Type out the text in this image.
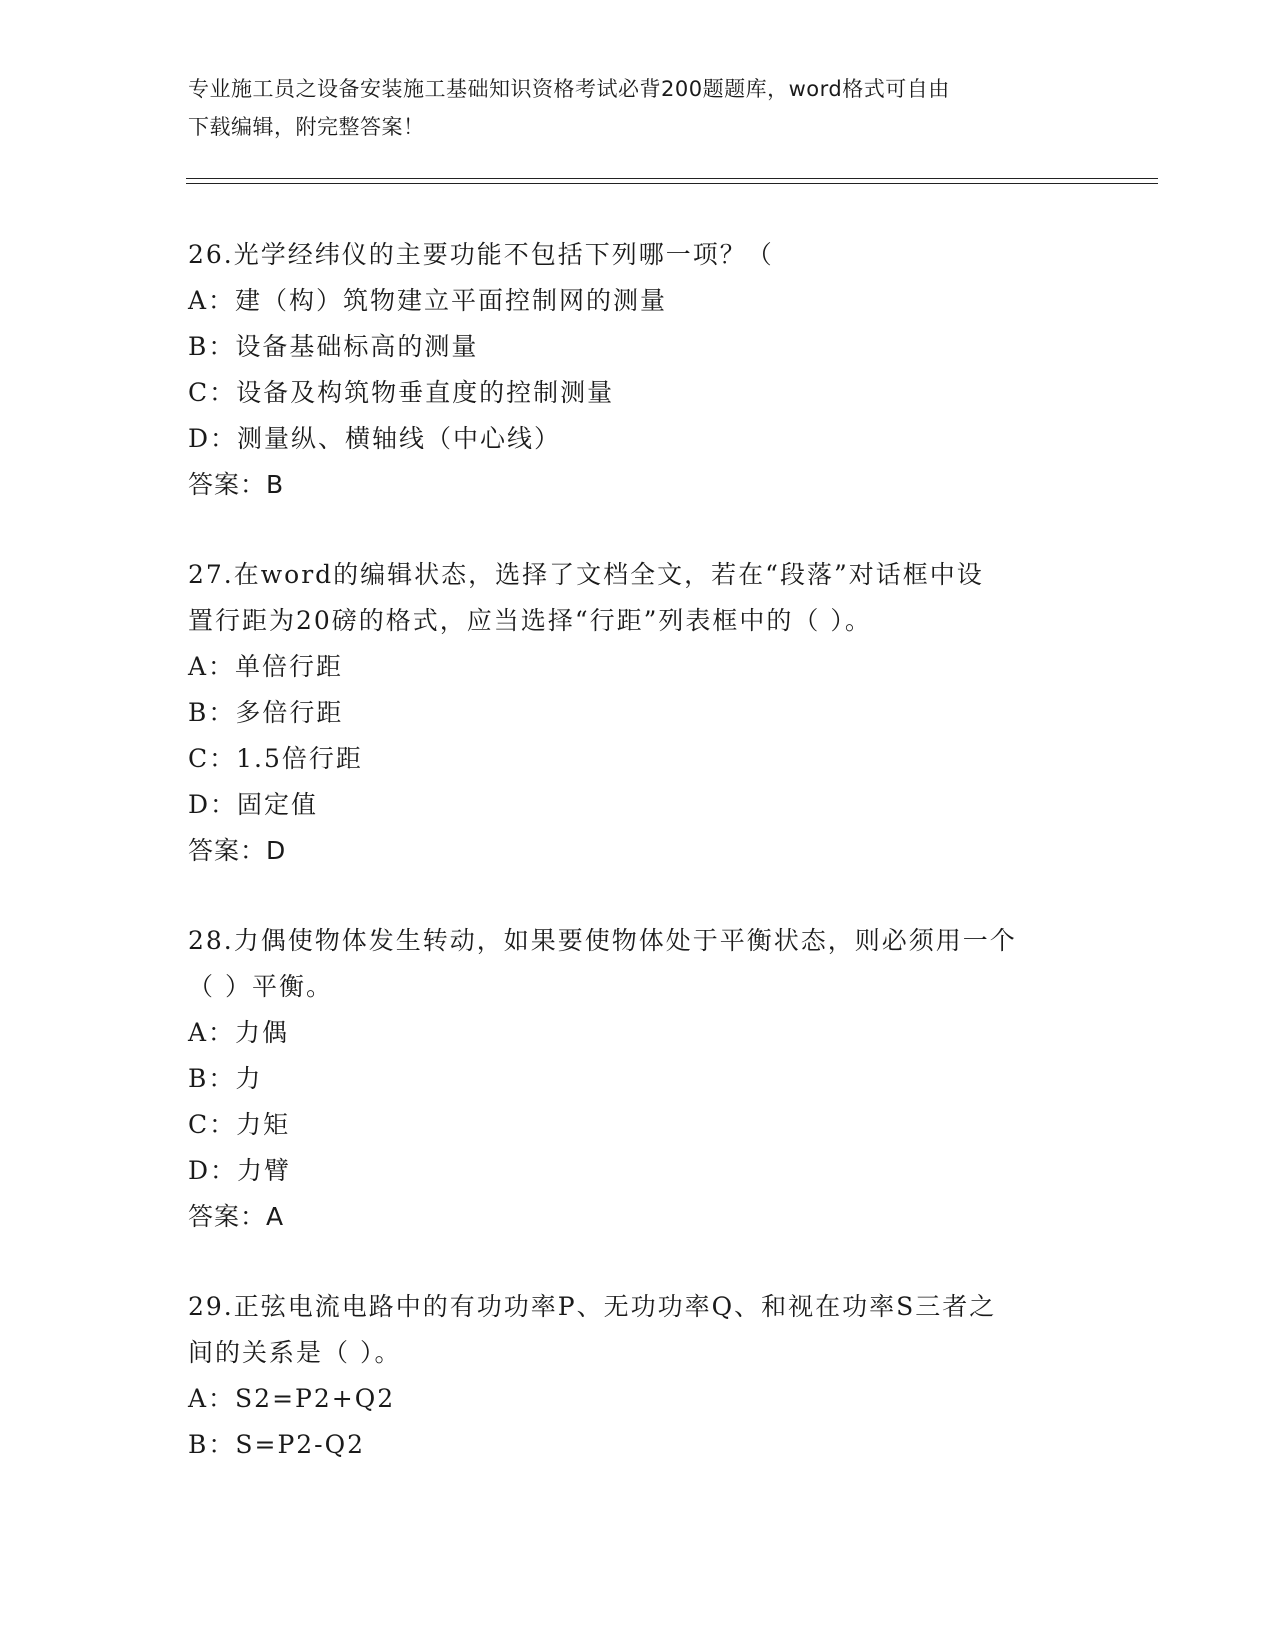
专业施工员之设备安装施工基础知识资格考试必背200题题库，word格式可自由
下载编辑，附完整答案！
26.光学经纬仪的主要功能不包括下列哪一项？（
A：建（构）筑物建立平面控制网的测量
B：设备基础标高的测量
C：设备及构筑物垂直度的控制测量
D：测量纵、横轴线（中心线）
答案：B
27.在word的编辑状态，选择了文档全文，若在“段落”对话框中设
置行距为20磅的格式，应当选择“行距”列表框中的（ ）。
A：单倍行距
B：多倍行距
C：1.5倍行距
D：固定值
答案：D
28.力偶使物体发生转动，如果要使物体处于平衡状态，则必须用一个
（ ）平衡。
A：力偶
B：力
C：力矩
D：力臂
答案：A
29.正弦电流电路中的有功功率P、无功功率Q、和视在功率S三者之
间的关系是（ ）。
A：S2=P2+Q2
B：S=P2-Q2
